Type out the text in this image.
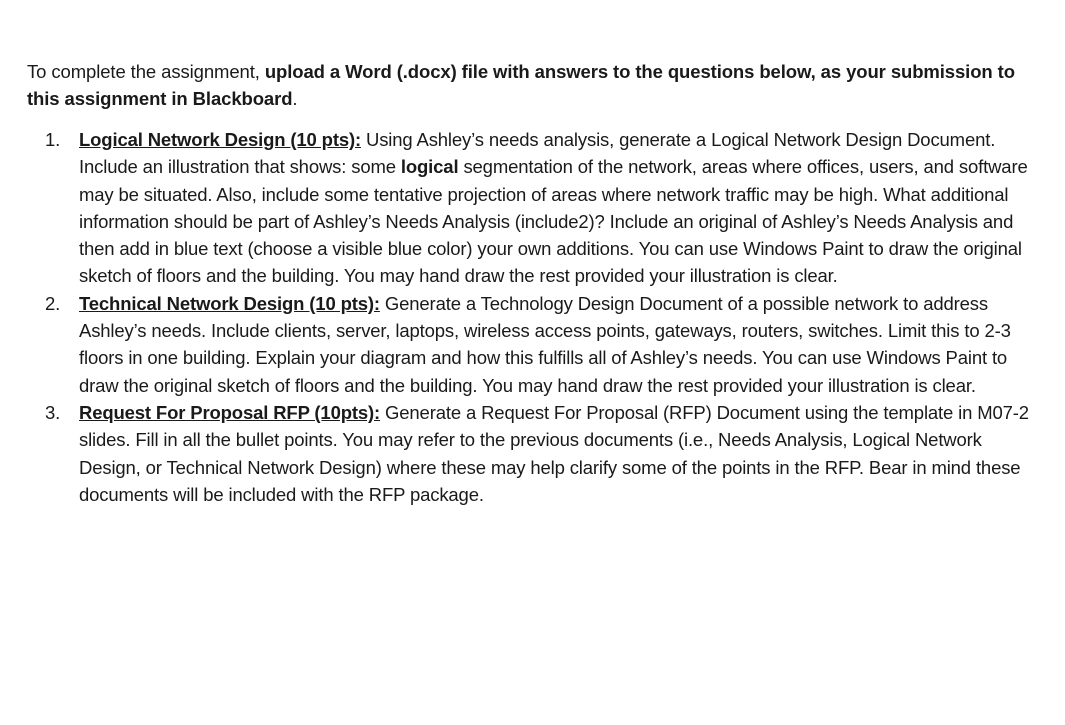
To complete the assignment, upload a Word (.docx) file with answers to the questions below, as your submission to this assignment in Blackboard.

1. Logical Network Design (10 pts): Using Ashley’s needs analysis, generate a Logical Network Design Document. Include an illustration that shows: some logical segmentation of the network, areas where offices, users, and software may be situated. Also, include some tentative projection of areas where network traffic may be high. What additional information should be part of Ashley’s Needs Analysis (include2)? Include an original of Ashley’s Needs Analysis and then add in blue text (choose a visible blue color) your own additions. You can use Windows Paint to draw the original sketch of floors and the building. You may hand draw the rest provided your illustration is clear.
2. Technical Network Design (10 pts): Generate a Technology Design Document of a possible network to address Ashley’s needs. Include clients, server, laptops, wireless access points, gateways, routers, switches. Limit this to 2-3 floors in one building. Explain your diagram and how this fulfills all of Ashley’s needs. You can use Windows Paint to draw the original sketch of floors and the building. You may hand draw the rest provided your illustration is clear.
3. Request For Proposal RFP (10pts): Generate a Request For Proposal (RFP) Document using the template in M07-2 slides. Fill in all the bullet points. You may refer to the previous documents (i.e., Needs Analysis, Logical Network Design, or Technical Network Design) where these may help clarify some of the points in the RFP. Bear in mind these documents will be included with the RFP package.
